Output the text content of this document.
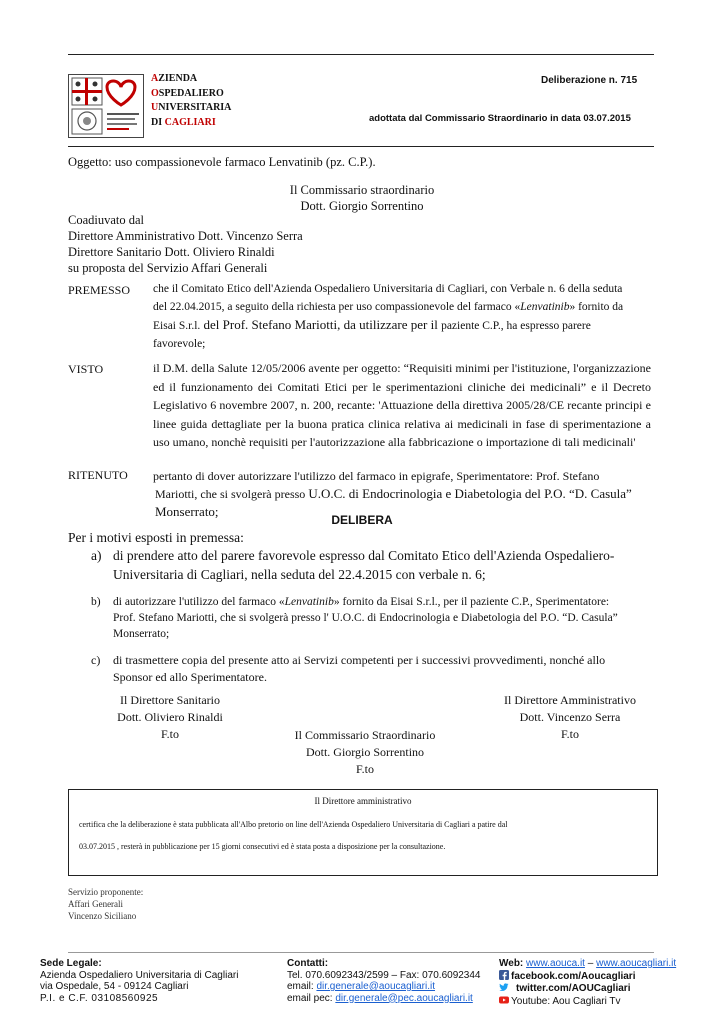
AZIENDA
OSPEDALIERO
UNIVERSITARIA
DI CAGLIARI
Deliberazione n. 715
adottata dal Commissario Straordinario in data 03.07.2015
Oggetto: uso compassionevole farmaco Lenvatinib (pz. C.P.).
Il Commissario straordinario
Dott. Giorgio Sorrentino
Coadiuvato dal
Direttore Amministrativo Dott. Vincenzo Serra
Direttore Sanitario Dott. Oliviero Rinaldi
su proposta del Servizio Affari Generali
PREMESSO che il Comitato Etico dell'Azienda Ospedaliero Universitaria di Cagliari, con Verbale n. 6 della seduta
del 22.04.2015, a seguito della richiesta per uso compassionevole del farmaco «Lenvatinib» fornito da
Eisai S.r.l. del Prof. Stefano Mariotti, da utilizzare per il paziente C.P., ha espresso parere
favorevole;
VISTO	il D.M. della Salute 12/05/2006 avente per oggetto: “Requisiti minimi per l'istituzione, l'organizzazione ed il funzionamento dei Comitati Etici per le sperimentazioni cliniche dei medicinali” e il Decreto Legislativo 6 novembre 2007, n. 200, recante: 'Attuazione della direttiva 2005/28/CE recante principi e linee guida dettagliate per la buona pratica clinica relativa ai medicinali in fase di sperimentazione a uso umano, nonchè requisiti per l'autorizzazione alla fabbricazione o importazione di tali medicinali'
RITENUTO pertanto di dover autorizzare l'utilizzo del farmaco in epigrafe, Sperimentatore: Prof. Stefano
Mariotti, che si svolgerà presso U.O.C. di Endocrinologia e Diabetologia del P.O. “D. Casula”
Monserrato;
DELIBERA
Per i motivi esposti in premessa:
a) di prendere atto del parere favorevole espresso dal Comitato Etico dell'Azienda Ospedaliero-
Universitaria di Cagliari, nella seduta del 22.4.2015 con verbale n. 6;
b) di autorizzare l'utilizzo del farmaco «Lenvatinib» fornito da Eisai S.r.l., per il paziente C.P., Sperimentatore:
Prof. Stefano Mariotti, che si svolgerà presso l' U.O.C. di Endocrinologia e Diabetologia del P.O. “D. Casula”
Monserrato;
c) di trasmettere copia del presente atto ai Servizi competenti per i successivi provvedimenti, nonché allo
Sponsor ed allo Sperimentatore.
Il Direttore Sanitario
Dott. Oliviero Rinaldi
F.to
Il Direttore Amministrativo
Dott. Vincenzo Serra
F.to
Il Commissario Straordinario
Dott. Giorgio Sorrentino
F.to
Il Direttore amministrativo
certifica che la deliberazione è stata pubblicata all'Albo pretorio on line dell'Azienda Ospedaliero Universitaria di Cagliari a patire dal
03.07.2015 , resterà in pubblicazione per 15 giorni consecutivi ed è stata posta a disposizione per la consultazione.
Servizio proponente:
Affari Generali
Vincenzo Siciliano
Sede Legale:
Azienda Ospedaliero Universitaria di Cagliari
via Ospedale, 54 - 09124 Cagliari
P.I. e C.F. 03108560925
Contatti:
Tel. 070.6092343/2599 – Fax: 070.6092344
email: dir.generale@aoucagliari.it
email pec: dir.generale@pec.aoucagliari.it
Web: www.aouca.it – www.aoucagliari.it
facebook.com/Aoucagliari
twitter.com/AOUCagliari
Youtube: Aou Cagliari Tv
